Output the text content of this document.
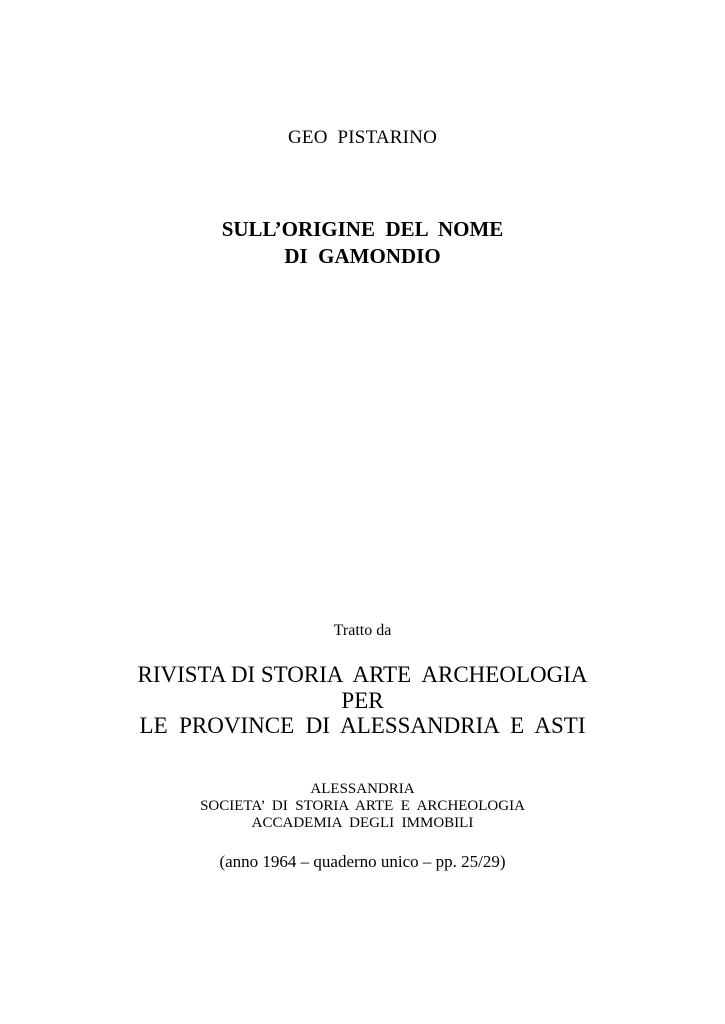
GEO  PISTARINO
SULL’ORIGINE  DEL  NOME
DI  GAMONDIO
Tratto da
RIVISTA DI STORIA  ARTE  ARCHEOLOGIA
PER
LE  PROVINCE  DI  ALESSANDRIA  E  ASTI
ALESSANDRIA
SOCIETA’  DI  STORIA  ARTE  E  ARCHEOLOGIA
ACCADEMIA  DEGLI  IMMOBILI
(anno 1964 – quaderno unico – pp. 25/29)
